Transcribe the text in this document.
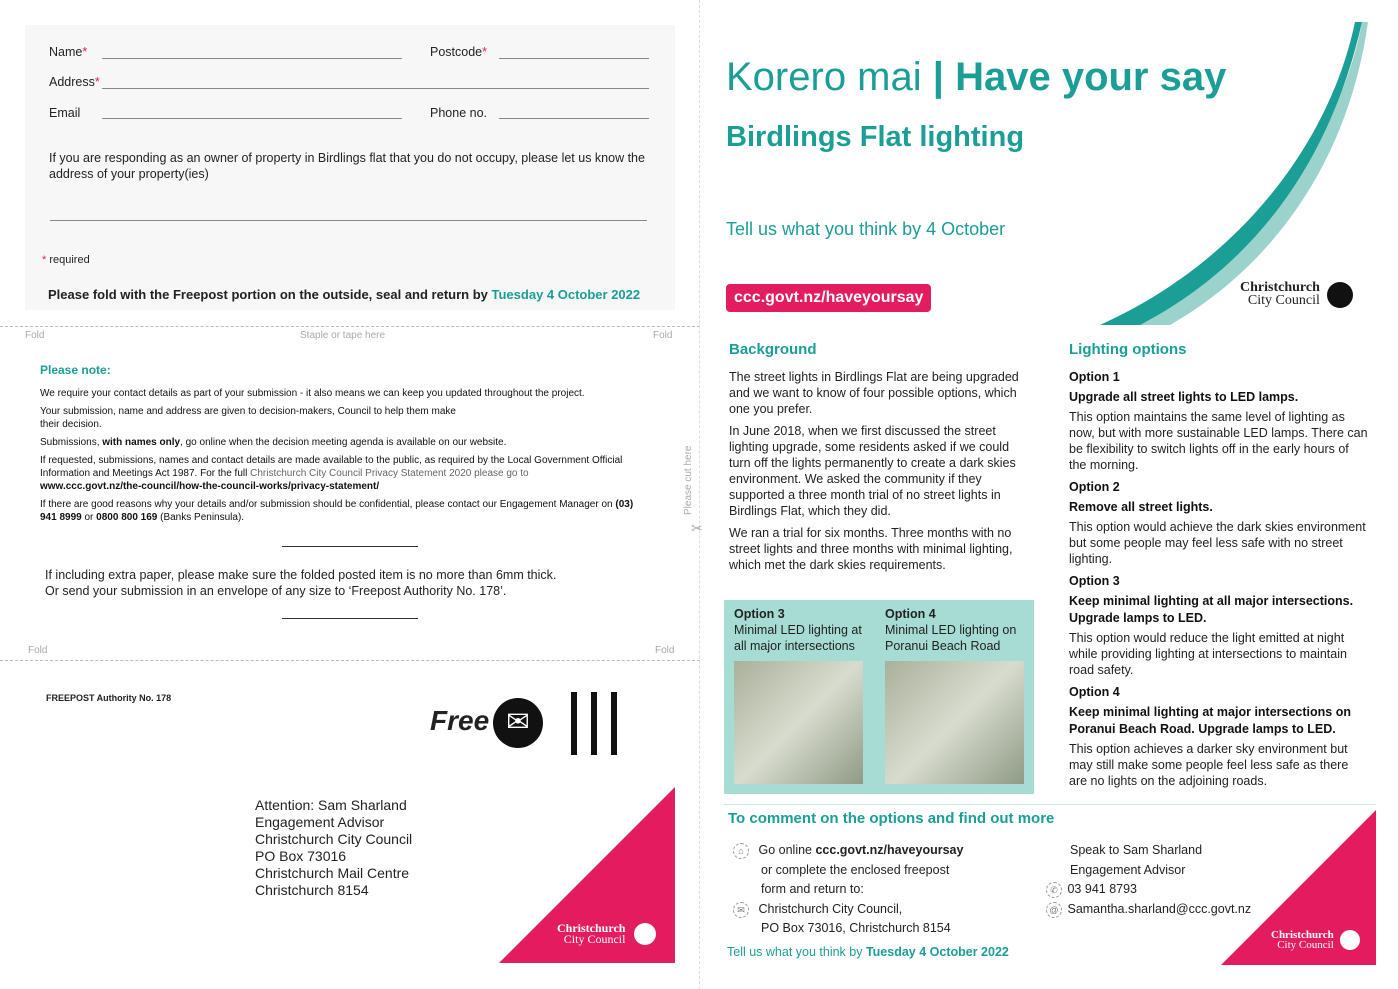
Name*	Postcode*
Address*
Email	Phone no.
If you are responding as an owner of property in Birdlings flat that you do not occupy, please let us know the address of your property(ies)
* required
Please fold with the Freepost portion on the outside, seal and return by Tuesday 4 October 2022
Fold	Staple or tape here	Fold
Please note:

We require your contact details as part of your submission - it also means we can keep you updated throughout the project.

Your submission, name and address are given to decision-makers, Council to help them make their decision.

Submissions, with names only, go online when the decision meeting agenda is available on our website.

If requested, submissions, names and contact details are made available to the public, as required by the Local Government Official Information and Meetings Act 1987. For the full Christchurch City Council Privacy Statement 2020 please go to

www.ccc.govt.nz/the-council/how-the-council-works/privacy-statement/

If there are good reasons why your details and/or submission should be confidential, please contact our Engagement Manager on (03) 941 8999 or 0800 800 169 (Banks Peninsula).

If including extra paper, please make sure the folded posted item is no more than 6mm thick.

Or send your submission in an envelope of any size to ‘Freepost Authority No. 178’.

Fold	Fold
Please cut here
✂
FREEPOST Authority No. 178
Free ✉
Attention: Sam Sharland
Engagement Advisor
Christchurch City Council
PO Box 73016
Christchurch Mail Centre
Christchurch 8154
Christchurch
City Council
Korero mai | Have your say
Birdlings Flat lighting
Tell us what you think by 4 October
ccc.govt.nz/haveyoursay
Christchurch
City Council
Background

The street lights in Birdlings Flat are being upgraded and we want to know of four possible options, which one you prefer.

In June 2018, when we first discussed the street lighting upgrade, some residents asked if we could turn off the lights permanently to create a dark skies environment. We asked the community if they supported a three month trial of no street lights in Birdlings Flat, which they did.

We ran a trial for six months. Three months with no street lights and three months with minimal lighting, which met the dark skies requirements.

Option 3
Minimal LED lighting at all major intersections
Option 4
Minimal LED lighting on Poranui Beach Road
Lighting options
Option 1
Upgrade all street lights to LED lamps.
This option maintains the same level of lighting as now, but with more sustainable LED lamps. There can be flexibility to switch lights off in the early hours of the morning.
Option 2
Remove all street lights.
This option would achieve the dark skies environment but some people may feel less safe with no street lighting.
Option 3
Keep minimal lighting at all major intersections. Upgrade lamps to LED.
This option would reduce the light emitted at night while providing lighting at intersections to maintain road safety.
Option 4
Keep minimal lighting at major intersections on Poranui Beach Road. Upgrade lamps to LED.
This option achieves a darker sky environment but may still make some people feel less safe as there are no lights on the adjoining roads.
To comment on the options and find out more
⌂ Go online ccc.govt.nz/haveyoursay
or complete the enclosed freepost
form and return to:
✉ Christchurch City Council,
PO Box 73016, Christchurch 8154
Speak to Sam Sharland
Engagement Advisor
✆ 03 941 8793
@ Samantha.sharland@ccc.govt.nz
Tell us what you think by Tuesday 4 October 2022
Christchurch
City Council
